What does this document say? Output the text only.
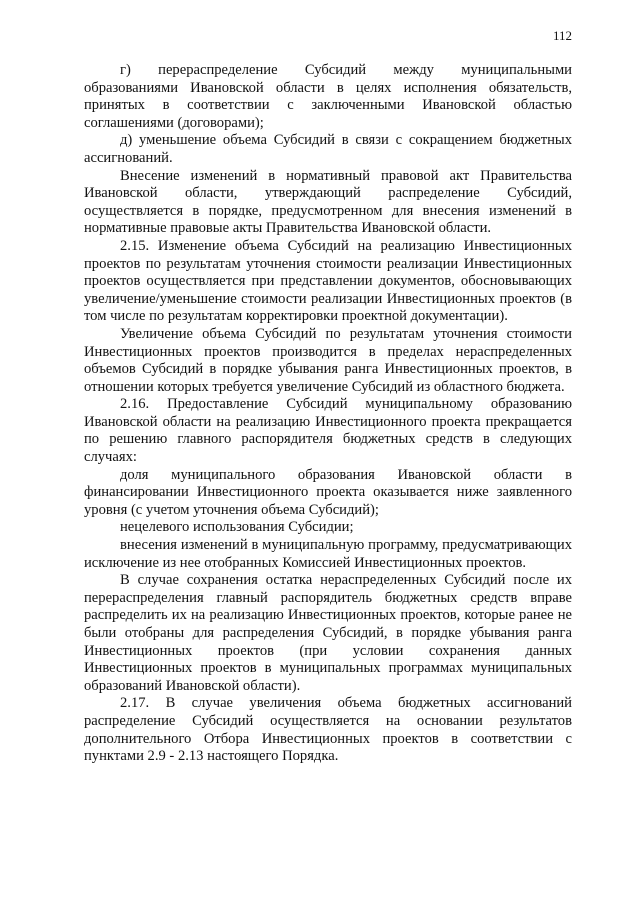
112

г) перераспределение Субсидий между муниципальными образованиями Ивановской области в целях исполнения обязательств, принятых в соответствии с заключенными Ивановской областью соглашениями (договорами);

д) уменьшение объема Субсидий в связи с сокращением бюджетных ассигнований.

Внесение изменений в нормативный правовой акт Правительства Ивановской области, утверждающий распределение Субсидий, осуществляется в порядке, предусмотренном для внесения изменений в нормативные правовые акты Правительства Ивановской области.

2.15. Изменение объема Субсидий на реализацию Инвестиционных проектов по результатам уточнения стоимости реализации Инвестиционных проектов осуществляется при представлении документов, обосновывающих увеличение/уменьшение стоимости реализации Инвестиционных проектов (в том числе по результатам корректировки проектной документации).

Увеличение объема Субсидий по результатам уточнения стоимости Инвестиционных проектов производится в пределах нераспределенных объемов Субсидий в порядке убывания ранга Инвестиционных проектов, в отношении которых требуется увеличение Субсидий из областного бюджета.

2.16. Предоставление Субсидий муниципальному образованию Ивановской области на реализацию Инвестиционного проекта прекращается по решению главного распорядителя бюджетных средств в следующих случаях:

доля муниципального образования Ивановской области в финансировании Инвестиционного проекта оказывается ниже заявленного уровня (с учетом уточнения объема Субсидий);

нецелевого использования Субсидии;

внесения изменений в муниципальную программу, предусматривающих исключение из нее отобранных Комиссией Инвестиционных проектов.

В случае сохранения остатка нераспределенных Субсидий после их перераспределения главный распорядитель бюджетных средств вправе распределить их на реализацию Инвестиционных проектов, которые ранее не были отобраны для распределения Субсидий, в порядке убывания ранга Инвестиционных проектов (при условии сохранения данных Инвестиционных проектов в муниципальных программах муниципальных образований Ивановской области).

2.17. В случае увеличения объема бюджетных ассигнований распределение Субсидий осуществляется на основании результатов дополнительного Отбора Инвестиционных проектов в соответствии с пунктами 2.9 - 2.13 настоящего Порядка.
